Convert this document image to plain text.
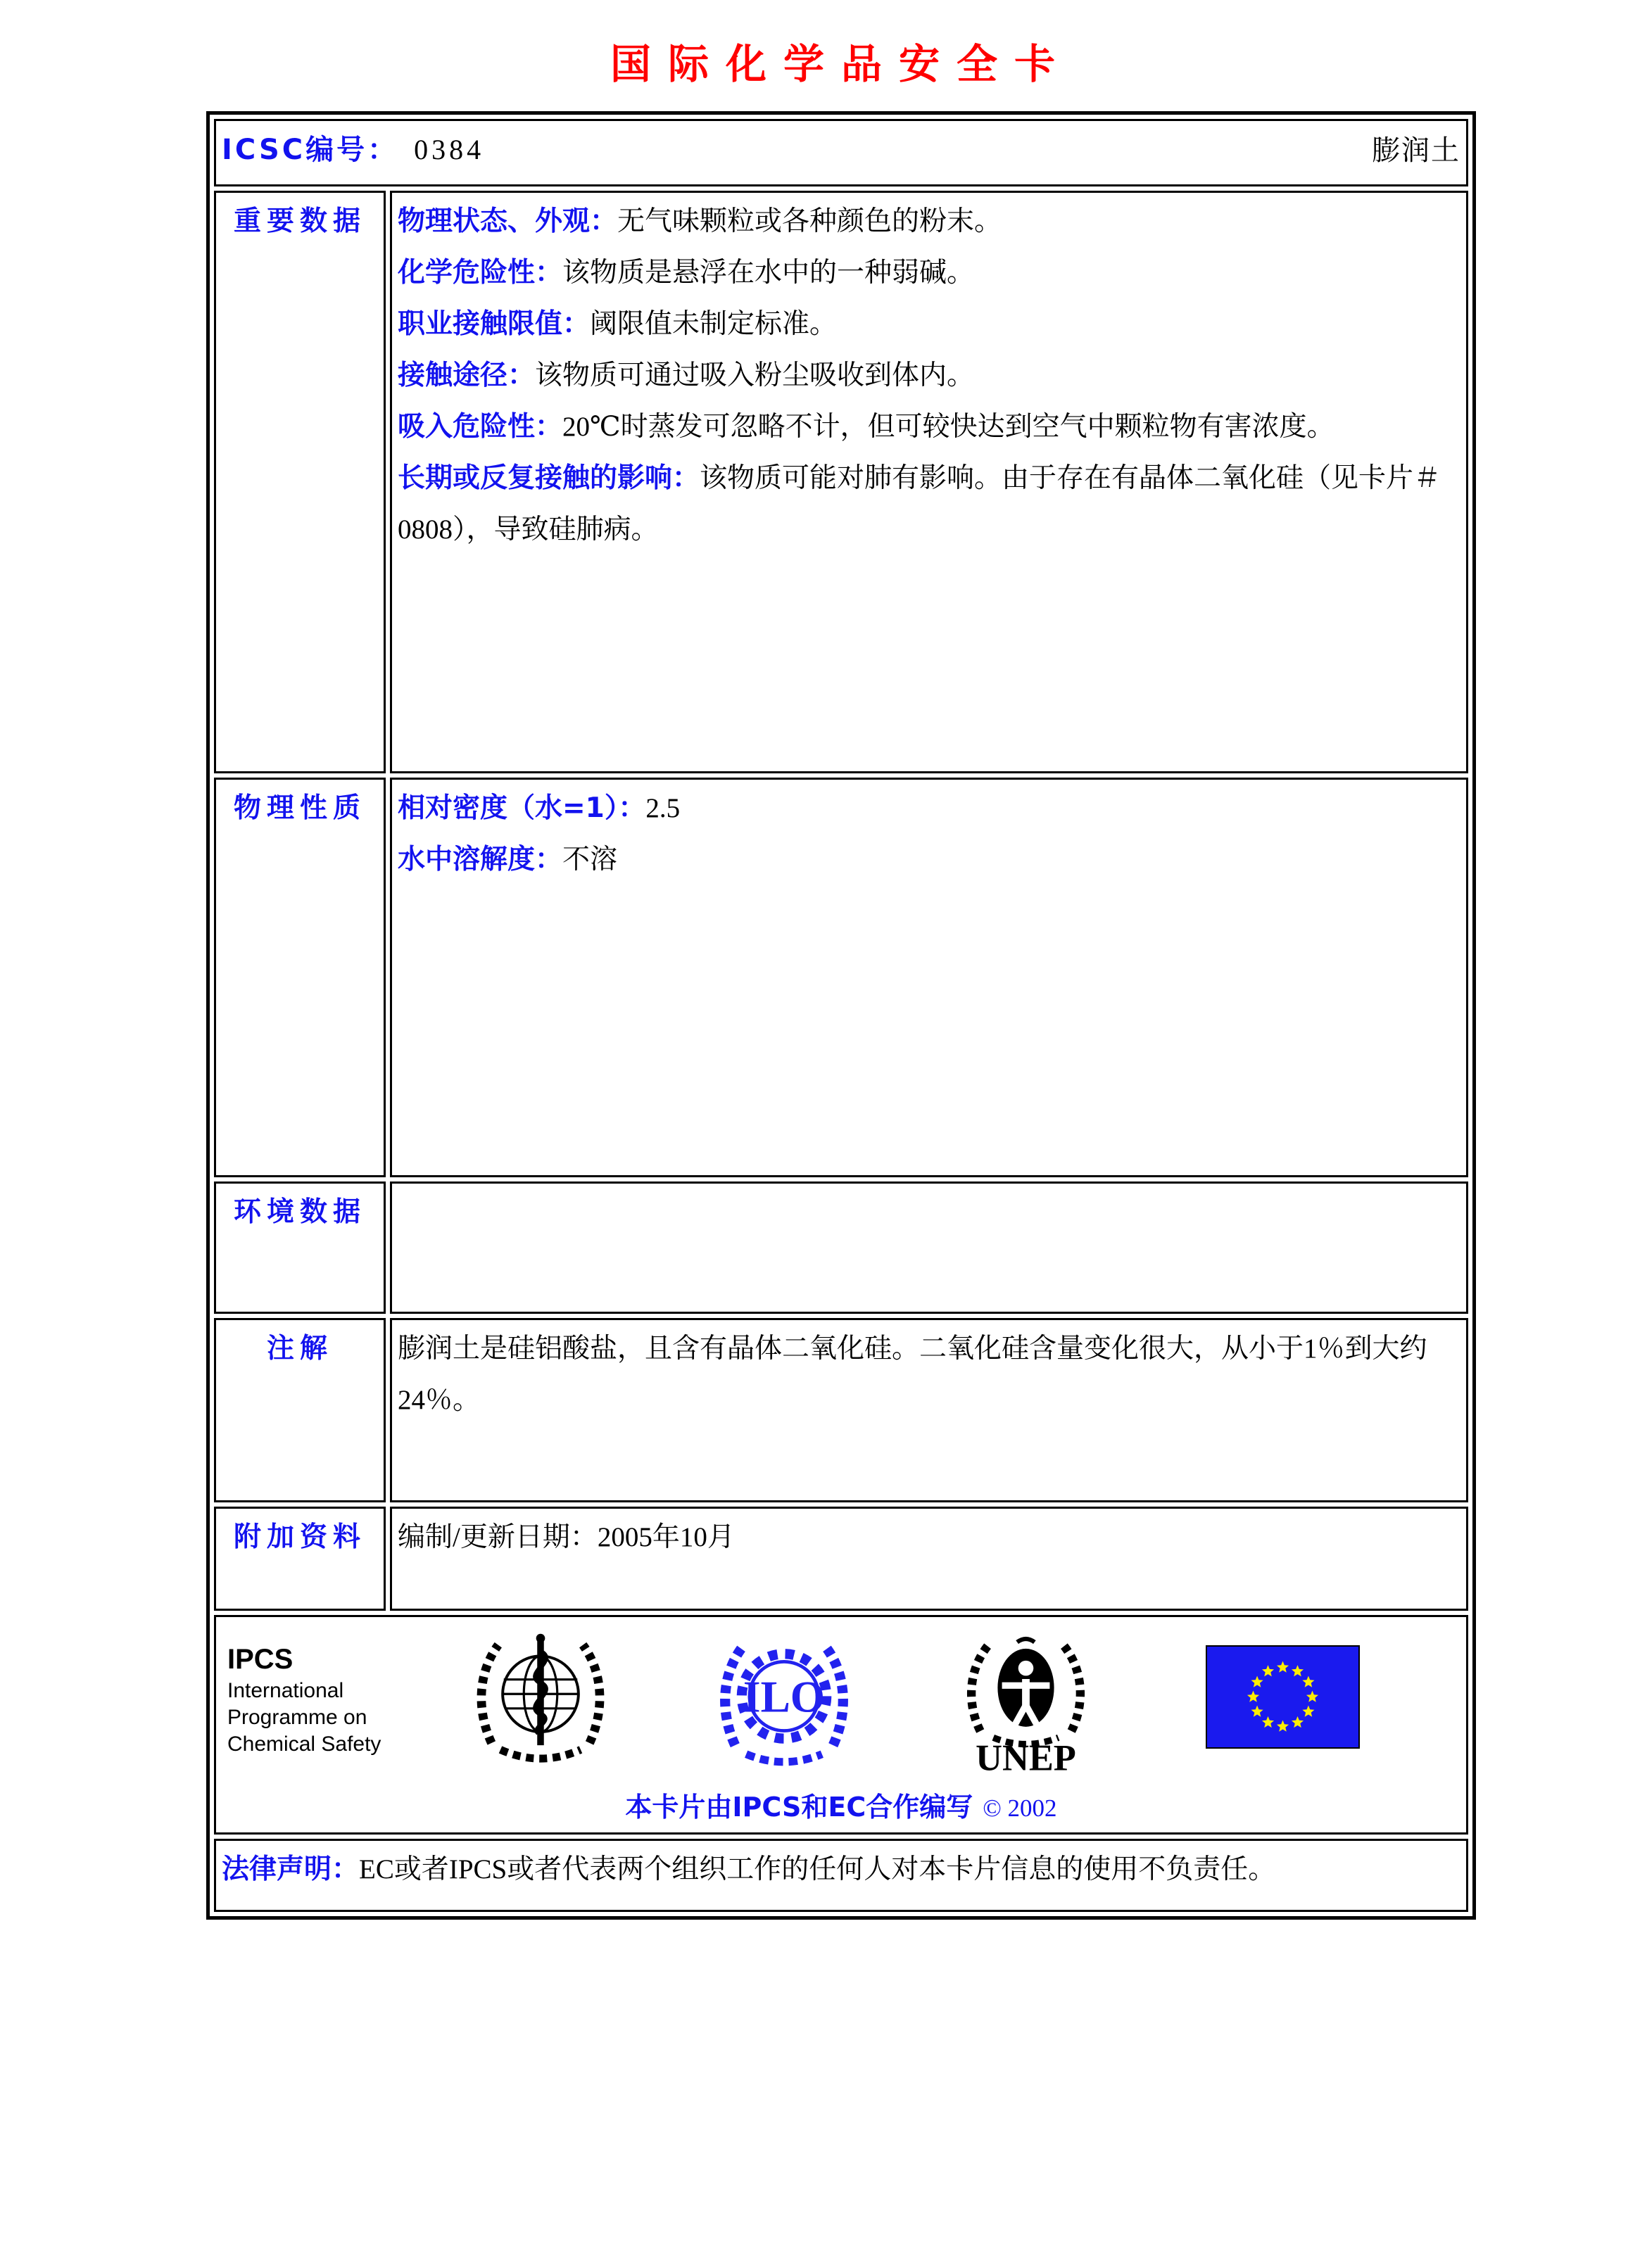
国际化学品安全卡
ICSC编号： 0384 膨润土	

重要数据	物理状态、外观：无气味颗粒或各种颜色的粉末。
化学危险性：该物质是悬浮在水中的一种弱碱。
职业接触限值：阈限值未制定标准。
接触途径：该物质可通过吸入粉尘吸收到体内。
吸入危险性：20℃时蒸发可忽略不计，但可较快达到空气中颗粒物有害浓度。
长期或反复接触的影响：该物质可能对肺有影响。由于存在有晶体二氧化硅（见卡片＃0808），导致硅肺病。

物理性质	相对密度（水=1）：2.5
水中溶解度：不溶

环境数据	
注解	膨润土是硅铝酸盐，且含有晶体二氧化硅。二氧化硅含量变化很大，从小于1％到大约24％。

附加资料	编制/更新日期：2005年10月

IPCS
International
Programme on
Chemical Safety
ILO
UNEP
本卡片由IPCS和EC合作编写 © 2002

法律声明：EC或者IPCS或者代表两个组织工作的任何人对本卡片信息的使用不负责任。	
